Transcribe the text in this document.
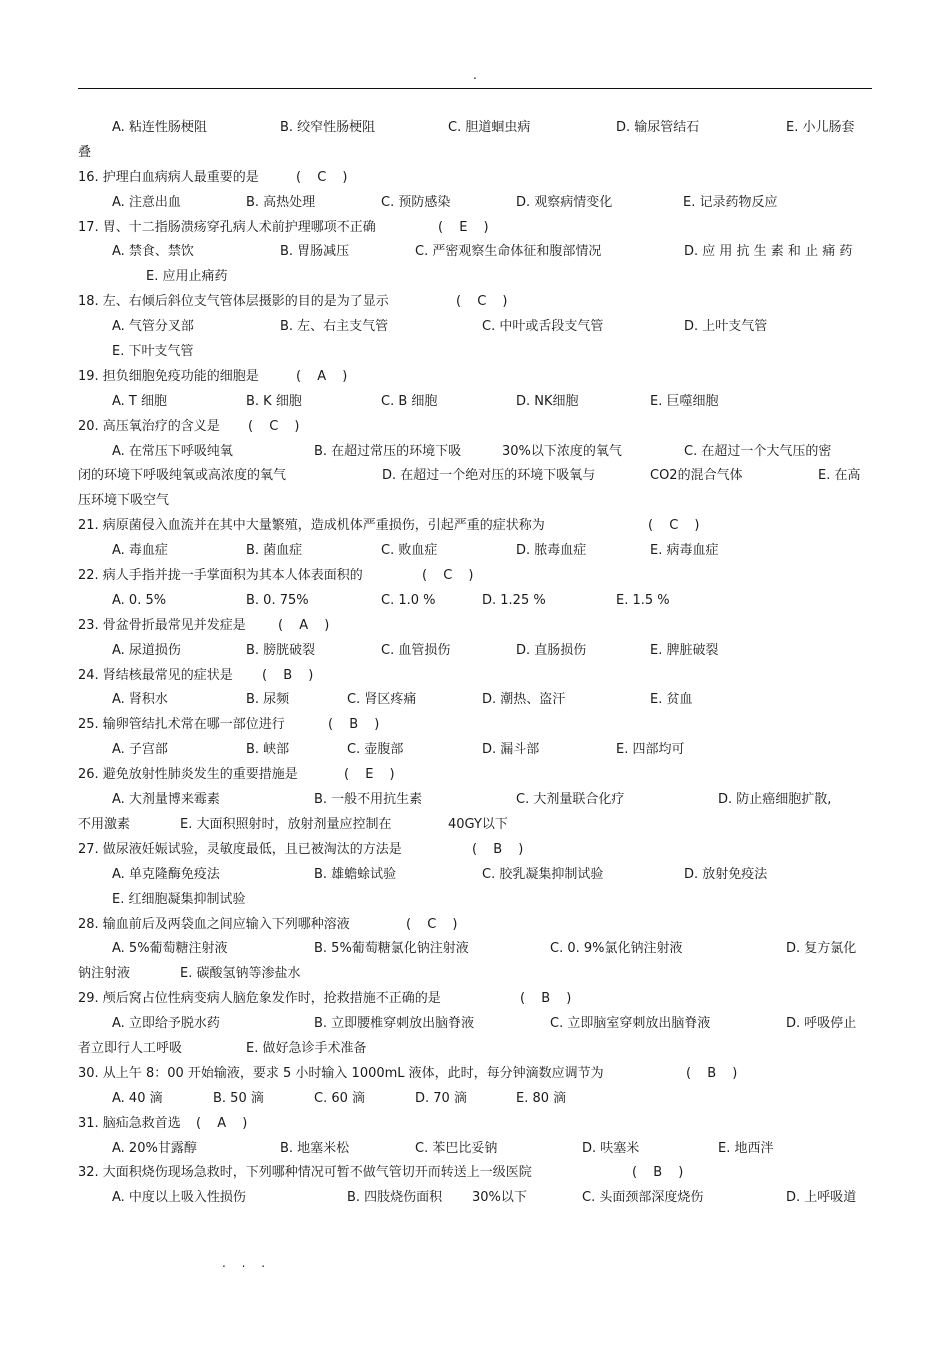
.
A. 粘连性肠梗阻	B. 绞窄性肠梗阻	C. 胆道蛔虫病	D. 输尿管结石	E. 小儿肠套
叠
16. 护理白血病病人最重要的是	( C )
A. 注意出血	B. 高热处理	C. 预防感染	D. 观察病情变化	E. 记录药物反应
17. 胃、十二指肠溃疡穿孔病人术前护理哪项不正确	( E )
A. 禁食、禁饮	B. 胃肠减压	C. 严密观察生命体征和腹部情况	D. 应 用 抗 生 素 和 止 痛 药
E. 应用止痛药
18. 左、右倾后斜位支气管体层摄影的目的是为了显示	( C )
A. 气管分叉部	B. 左、右主支气管	C. 中叶或舌段支气管	D. 上叶支气管
E. 下叶支气管
19. 担负细胞免疫功能的细胞是	( A )
A. T 细胞	B. K 细胞	C. B 细胞	D. NK细胞	E. 巨噬细胞
20. 高压氧治疗的含义是 ( C )
A. 在常压下呼吸纯氧	B. 在超过常压的环境下吸	30%以下浓度的氧气	C. 在超过一个大气压的密
闭的环境下呼吸纯氧或高浓度的氧气	D. 在超过一个绝对压的环境下吸氧与	CO2的混合气体	E. 在高
压环境下吸空气
21. 病原菌侵入血流并在其中大量繁殖，造成机体严重损伤，引起严重的症状称为	( C )
A. 毒血症	B. 菌血症	C. 败血症	D. 脓毒血症	E. 病毒血症
22. 病人手指并拢一手掌面积为其本人体表面积的	( C )
A. 0. 5%	B. 0. 75%	C. 1.0 %	D. 1.25 %	E. 1.5 %
23. 骨盆骨折最常见并发症是 ( A )
A. 尿道损伤	B. 膀胱破裂	C. 血管损伤	D. 直肠损伤	E. 脾脏破裂
24. 肾结核最常见的症状是 ( B )
A. 肾积水	B. 尿频	C. 肾区疼痛	D. 潮热、盗汗	E. 贫血
25. 输卵管结扎术常在哪一部位进行	( B )
A. 子宫部	B. 峡部	C. 壶腹部	D. 漏斗部	E. 四部均可
26. 避免放射性肺炎发生的重要措施是	( E )
A. 大剂量博来霉素	B. 一般不用抗生素	C. 大剂量联合化疗	D. 防止癌细胞扩散,
不用激素	E. 大面积照射时，放射剂量应控制在	40GY以下
27. 做尿液妊娠试验，灵敏度最低，且已被淘汰的方法是	( B )
A. 单克隆酶免疫法	B. 雄蟾蜍试验	C. 胶乳凝集抑制试验	D. 放射免疫法
E. 红细胞凝集抑制试验
28. 输血前后及两袋血之间应输入下列哪种溶液	( C )
A. 5%葡萄糖注射液	B. 5%葡萄糖氯化钠注射液	C. 0. 9%氯化钠注射液	D. 复方氯化
钠注射液	E. 碳酸氢钠等渗盐水
29. 颅后窝占位性病变病人脑危象发作时，抢救措施不正确的是	( B )
A. 立即给予脱水药	B. 立即腰椎穿刺放出脑脊液	C. 立即脑室穿刺放出脑脊液	D. 呼吸停止
者立即行人工呼吸	E. 做好急诊手术准备
30. 从上午 8：00 开始输液，要求 5 小时输入 1000mL 液体，此时，每分钟滴数应调节为	( B )
A. 40 滴	B. 50 滴	C. 60 滴	D. 70 滴	E. 80 滴
31. 脑疝急救首选 ( A )
A. 20%甘露醇	B. 地塞米松	C. 苯巴比妥钠	D. 呋塞米	E. 地西泮
32. 大面积烧伤现场急救时，下列哪种情况可暂不做气管切开而转送上一级医院	( B )
A. 中度以上吸入性损伤	B. 四肢烧伤面积 30%以下	C. 头面颈部深度烧伤	D. 上呼吸道
. . .
